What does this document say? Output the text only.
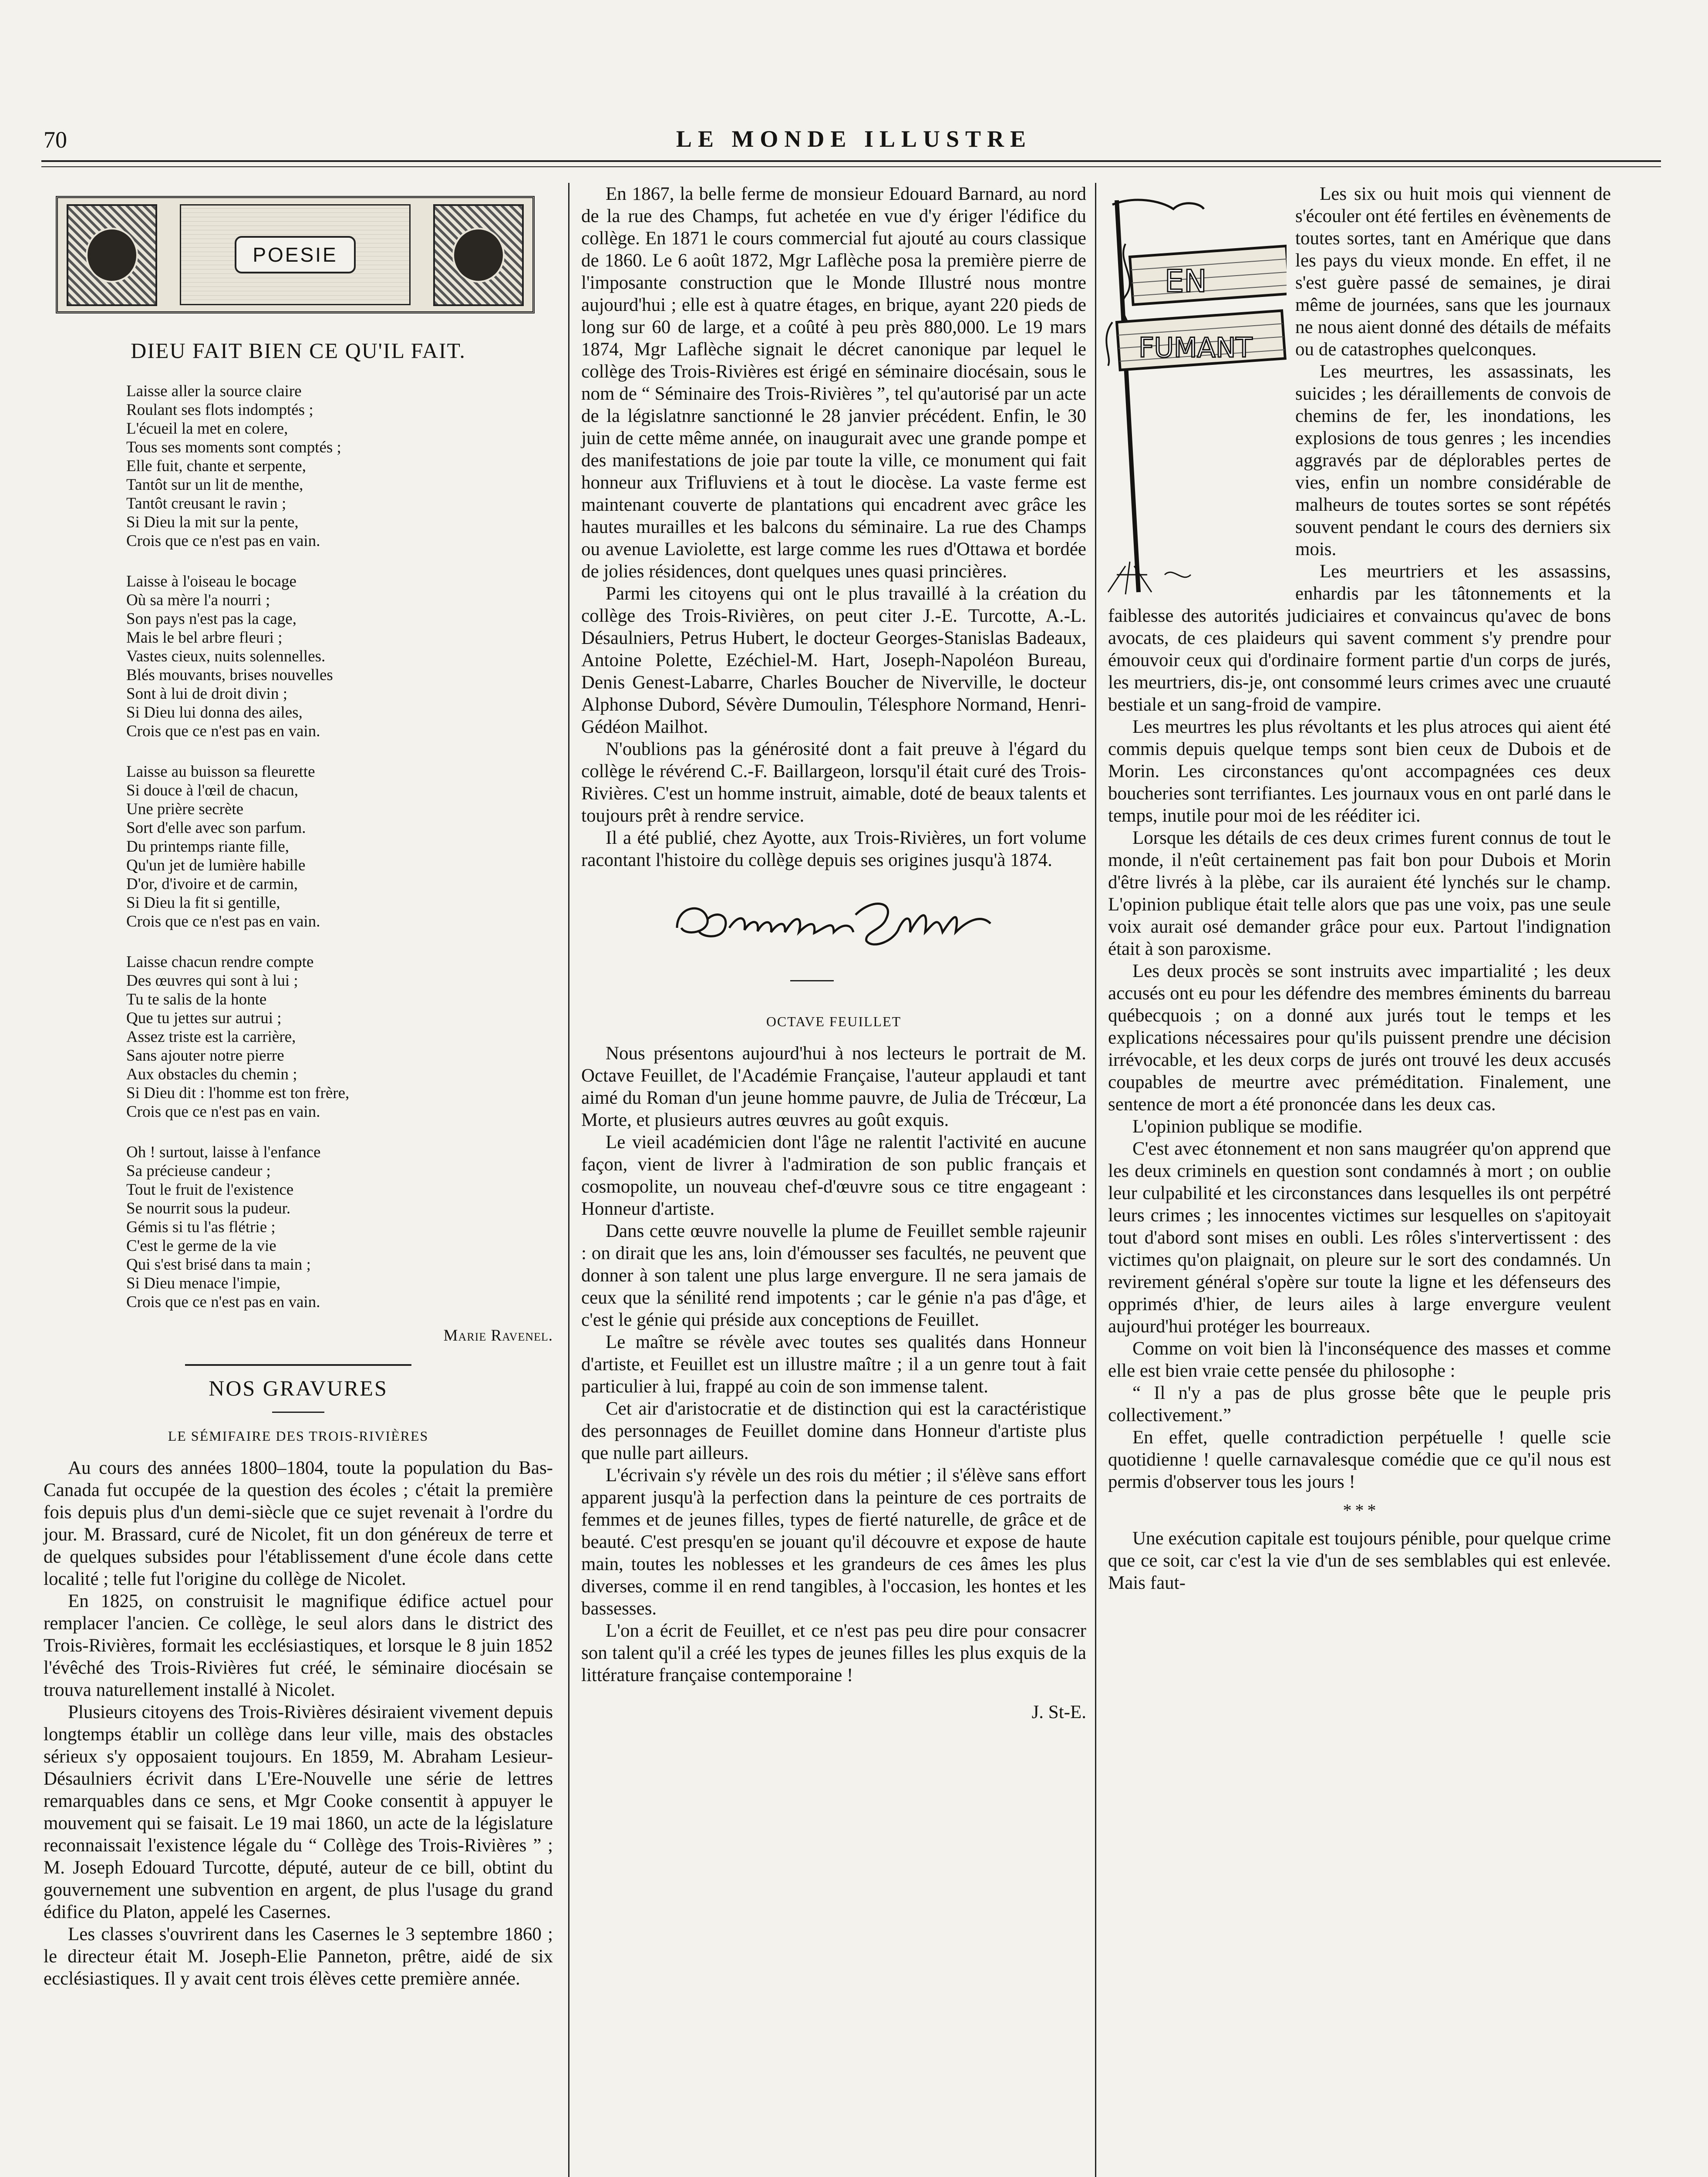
70	LE MONDE ILLUSTRE
POESIE
DIEU FAIT BIEN CE QU'IL FAIT.
Laisse aller la source claire
Roulant ses flots indomptés ;
L'écueil la met en colere,
Tous ses moments sont comptés ;
Elle fuit, chante et serpente,
Tantôt sur un lit de menthe,
Tantôt creusant le ravin ;
Si Dieu la mit sur la pente,
Crois que ce n'est pas en vain.
Laisse à l'oiseau le bocage
Où sa mère l'a nourri ;
Son pays n'est pas la cage,
Mais le bel arbre fleuri ;
Vastes cieux, nuits solennelles.
Blés mouvants, brises nouvelles
Sont à lui de droit divin ;
Si Dieu lui donna des ailes,
Crois que ce n'est pas en vain.
Laisse au buisson sa fleurette
Si douce à l'œil de chacun,
Une prière secrète
Sort d'elle avec son parfum.
Du printemps riante fille,
Qu'un jet de lumière habille
D'or, d'ivoire et de carmin,
Si Dieu la fit si gentille,
Crois que ce n'est pas en vain.
Laisse chacun rendre compte
Des œuvres qui sont à lui ;
Tu te salis de la honte
Que tu jettes sur autrui ;
Assez triste est la carrière,
Sans ajouter notre pierre
Aux obstacles du chemin ;
Si Dieu dit : l'homme est ton frère,
Crois que ce n'est pas en vain.
Oh ! surtout, laisse à l'enfance
Sa précieuse candeur ;
Tout le fruit de l'existence
Se nourrit sous la pudeur.
Gémis si tu l'as flétrie ;
C'est le germe de la vie
Qui s'est brisé dans ta main ;
Si Dieu menace l'impie,
Crois que ce n'est pas en vain.
Marie Ravenel.
NOS GRAVURES
LE SÉMIFAIRE DES TROIS-RIVIÈRES

Au cours des années 1800–1804, toute la population du Bas-Canada fut occupée de la question des écoles ; c'était la première fois depuis plus d'un demi-siècle que ce sujet revenait à l'ordre du jour. M. Brassard, curé de Nicolet, fit un don généreux de terre et de quelques subsides pour l'établissement d'une école dans cette localité ; telle fut l'origine du collège de Nicolet.

En 1825, on construisit le magnifique édifice actuel pour remplacer l'ancien. Ce collège, le seul alors dans le district des Trois-Rivières, formait les ecclésiastiques, et lorsque le 8 juin 1852 l'évêché des Trois-Rivières fut créé, le séminaire diocésain se trouva naturellement installé à Nicolet.

Plusieurs citoyens des Trois-Rivières désiraient vivement depuis longtemps établir un collège dans leur ville, mais des obstacles sérieux s'y opposaient toujours. En 1859, M. Abraham Lesieur-Désaulniers écrivit dans L'Ere-Nouvelle une série de lettres remarquables dans ce sens, et Mgr Cooke consentit à appuyer le mouvement qui se faisait. Le 19 mai 1860, un acte de la législature reconnaissait l'existence légale du “ Collège des Trois-Rivières ” ; M. Joseph Edouard Turcotte, député, auteur de ce bill, obtint du gouvernement une subvention en argent, de plus l'usage du grand édifice du Platon, appelé les Casernes.

Les classes s'ouvrirent dans les Casernes le 3 septembre 1860 ; le directeur était M. Joseph-Elie Panneton, prêtre, aidé de six ecclésiastiques. Il y avait cent trois élèves cette première année.

En 1867, la belle ferme de monsieur Edouard Barnard, au nord de la rue des Champs, fut achetée en vue d'y ériger l'édifice du collège. En 1871 le cours commercial fut ajouté au cours classique de 1860. Le 6 août 1872, Mgr Laflèche posa la première pierre de l'imposante construction que le Monde Illustré nous montre aujourd'hui ; elle est à quatre étages, en brique, ayant 220 pieds de long sur 60 de large, et a coûté à peu près 880,000. Le 19 mars 1874, Mgr Laflèche signait le décret canonique par lequel le collège des Trois-Rivières est érigé en séminaire diocésain, sous le nom de “ Séminaire des Trois-Rivières ”, tel qu'autorisé par un acte de la législatnre sanctionné le 28 janvier précédent. Enfin, le 30 juin de cette même année, on inaugurait avec une grande pompe et des manifestations de joie par toute la ville, ce monument qui fait honneur aux Trifluviens et à tout le diocèse. La vaste ferme est maintenant couverte de plantations qui encadrent avec grâce les hautes murailles et les balcons du séminaire. La rue des Champs ou avenue Laviolette, est large comme les rues d'Ottawa et bordée de jolies résidences, dont quelques unes quasi princières.

Parmi les citoyens qui ont le plus travaillé à la création du collège des Trois-Rivières, on peut citer J.-E. Turcotte, A.-L. Désaulniers, Petrus Hubert, le docteur Georges-Stanislas Badeaux, Antoine Polette, Ezéchiel-M. Hart, Joseph-Napoléon Bureau, Denis Genest-Labarre, Charles Boucher de Niverville, le docteur Alphonse Dubord, Sévère Dumoulin, Télesphore Normand, Henri-Gédéon Mailhot.

N'oublions pas la générosité dont a fait preuve à l'égard du collège le révérend C.-F. Baillargeon, lorsqu'il était curé des Trois-Rivières. C'est un homme instruit, aimable, doté de beaux talents et toujours prêt à rendre service.

Il a été publié, chez Ayotte, aux Trois-Rivières, un fort volume racontant l'histoire du collège depuis ses origines jusqu'à 1874.

OCTAVE FEUILLET

Nous présentons aujourd'hui à nos lecteurs le portrait de M. Octave Feuillet, de l'Académie Française, l'auteur applaudi et tant aimé du Roman d'un jeune homme pauvre, de Julia de Trécœur, La Morte, et plusieurs autres œuvres au goût exquis.

Le vieil académicien dont l'âge ne ralentit l'activité en aucune façon, vient de livrer à l'admiration de son public français et cosmopolite, un nouveau chef-d'œuvre sous ce titre engageant : Honneur d'artiste.

Dans cette œuvre nouvelle la plume de Feuillet semble rajeunir : on dirait que les ans, loin d'émousser ses facultés, ne peuvent que donner à son talent une plus large envergure. Il ne sera jamais de ceux que la sénilité rend impotents ; car le génie n'a pas d'âge, et c'est le génie qui préside aux conceptions de Feuillet.

Le maître se révèle avec toutes ses qualités dans Honneur d'artiste, et Feuillet est un illustre maître ; il a un genre tout à fait particulier à lui, frappé au coin de son immense talent.

Cet air d'aristocratie et de distinction qui est la caractéristique des personnages de Feuillet domine dans Honneur d'artiste plus que nulle part ailleurs.

L'écrivain s'y révèle un des rois du métier ; il s'élève sans effort apparent jusqu'à la perfection dans la peinture de ces portraits de femmes et de jeunes filles, types de fierté naturelle, de grâce et de beauté. C'est presqu'en se jouant qu'il découvre et expose de haute main, toutes les noblesses et les grandeurs de ces âmes les plus diverses, comme il en rend tangibles, à l'occasion, les hontes et les bassesses.

L'on a écrit de Feuillet, et ce n'est pas peu dire pour consacrer son talent qu'il a créé les types de jeunes filles les plus exquis de la littérature française contemporaine !

J. St-E.
EN
FUMANT

Les six ou huit mois qui viennent de s'écouler ont été fertiles en évènements de toutes sortes, tant en Amérique que dans les pays du vieux monde. En effet, il ne s'est guère passé de semaines, je dirai même de journées, sans que les journaux ne nous aient donné des détails de méfaits ou de catastrophes quelconques.

Les meurtres, les assassinats, les suicides ; les déraillements de convois de chemins de fer, les inondations, les explosions de tous genres ; les incendies aggravés par de déplorables pertes de vies, enfin un nombre considérable de malheurs de toutes sortes se sont répétés souvent pendant le cours des derniers six mois.

Les meurtriers et les assassins, enhardis par les tâtonnements et la faiblesse des autorités judiciaires et convaincus qu'avec de bons avocats, de ces plaideurs qui savent comment s'y prendre pour émouvoir ceux qui d'ordinaire forment partie d'un corps de jurés, les meurtriers, dis-je, ont consommé leurs crimes avec une cruauté bestiale et un sang-froid de vampire.

Les meurtres les plus révoltants et les plus atroces qui aient été commis depuis quelque temps sont bien ceux de Dubois et de Morin. Les circonstances qu'ont accompagnées ces deux boucheries sont terrifiantes. Les journaux vous en ont parlé dans le temps, inutile pour moi de les rééditer ici.

Lorsque les détails de ces deux crimes furent connus de tout le monde, il n'eût certainement pas fait bon pour Dubois et Morin d'être livrés à la plèbe, car ils auraient été lynchés sur le champ. L'opinion publique était telle alors que pas une voix, pas une seule voix aurait osé demander grâce pour eux. Partout l'indignation était à son paroxisme.

Les deux procès se sont instruits avec impartialité ; les deux accusés ont eu pour les défendre des membres éminents du barreau québecquois ; on a donné aux jurés tout le temps et les explications nécessaires pour qu'ils puissent prendre une décision irrévocable, et les deux corps de jurés ont trouvé les deux accusés coupables de meurtre avec préméditation. Finalement, une sentence de mort a été prononcée dans les deux cas.

L'opinion publique se modifie.

C'est avec étonnement et non sans maugréer qu'on apprend que les deux criminels en question sont condamnés à mort ; on oublie leur culpabilité et les circonstances dans lesquelles ils ont perpétré leurs crimes ; les innocentes victimes sur lesquelles on s'apitoyait tout d'abord sont mises en oubli. Les rôles s'intervertissent : des victimes qu'on plaignait, on pleure sur le sort des condamnés. Un revirement général s'opère sur toute la ligne et les défenseurs des opprimés d'hier, de leurs ailes à large envergure veulent aujourd'hui protéger les bourreaux.

Comme on voit bien là l'inconséquence des masses et comme elle est bien vraie cette pensée du philosophe :

“ Il n'y a pas de plus grosse bête que le peuple pris collectivement.”

En effet, quelle contradiction perpétuelle ! quelle scie quotidienne ! quelle carnavalesque comédie que ce qu'il nous est permis d'observer tous les jours !

* * *

Une exécution capitale est toujours pénible, pour quelque crime que ce soit, car c'est la vie d'un de ses semblables qui est enlevée. Mais faut-
